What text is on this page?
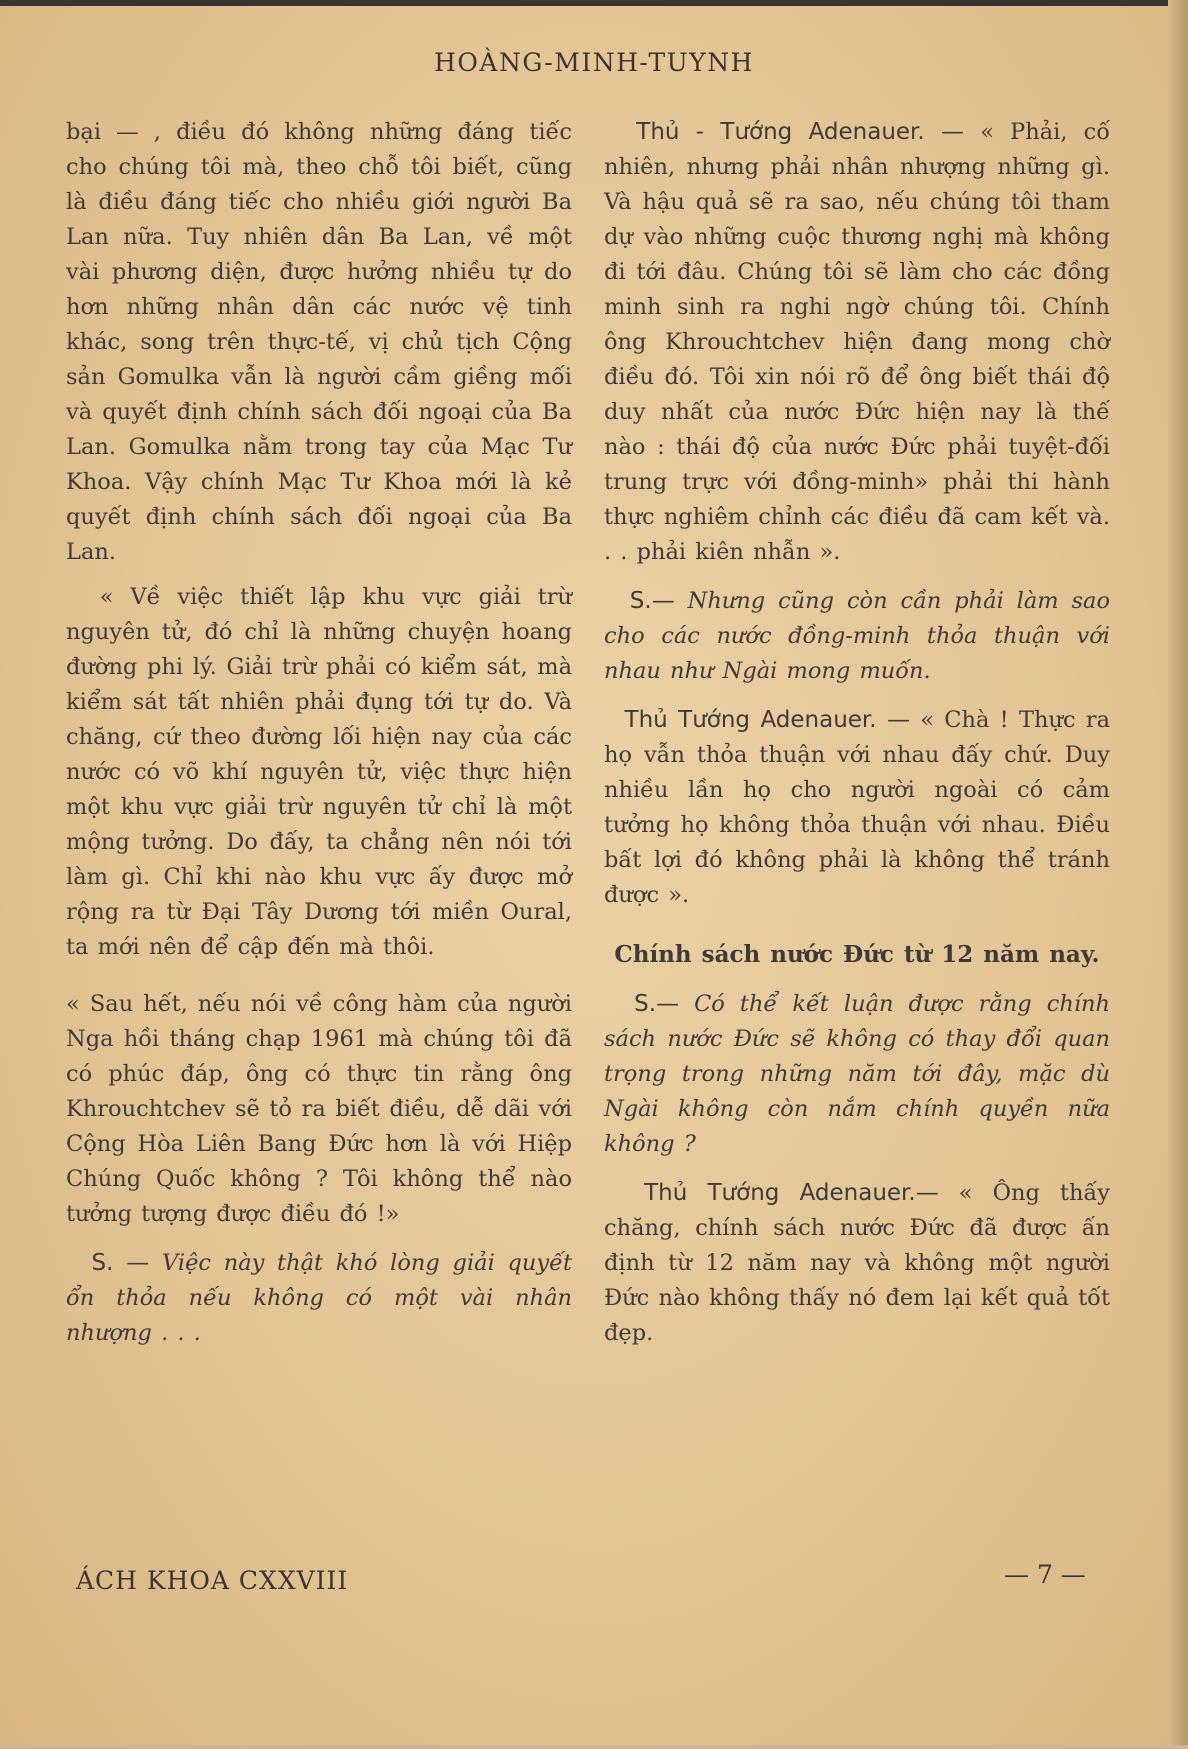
HOÀNG-MINH-TUYNH

bại — , điều đó không những đáng tiếc cho chúng tôi mà, theo chỗ tôi biết, cũng là điều đáng tiếc cho nhiều giới người Ba Lan nữa. Tuy nhiên dân Ba Lan, về một vài phương diện, được hưởng nhiều tự do hơn những nhân dân các nước vệ tinh khác, song trên thực-tế, vị chủ tịch Cộng sản Gomulka vẫn là người cầm giềng mối và quyết định chính sách đối ngoại của Ba Lan. Gomulka nằm trong tay của Mạc Tư Khoa. Vậy chính Mạc Tư Khoa mới là kẻ quyết định chính sách đối ngoại của Ba Lan.

« Về việc thiết lập khu vực giải trừ nguyên tử, đó chỉ là những chuyện hoang đường phi lý. Giải trừ phải có kiểm sát, mà kiểm sát tất nhiên phải đụng tới tự do. Và chăng, cứ theo đường lối hiện nay của các nước có võ khí nguyên tử, việc thực hiện một khu vực giải trừ nguyên tử chỉ là một mộng tưởng. Do đấy, ta chẳng nên nói tới làm gì. Chỉ khi nào khu vực ấy được mở rộng ra từ Đại Tây Dương tới miền Oural, ta mới nên để cập đến mà thôi.

« Sau hết, nếu nói về công hàm của người Nga hồi tháng chạp 1961 mà chúng tôi đã có phúc đáp, ông có thực tin rằng ông Khrouchtchev sẽ tỏ ra biết điều, dễ dãi với Cộng Hòa Liên Bang Đức hơn là với Hiệp Chúng Quốc không ? Tôi không thể nào tưởng tượng được điều đó !»

S. — Việc này thật khó lòng giải quyết ổn thỏa nếu không có một vài nhân nhượng . . .

Thủ - Tướng Adenauer. — « Phải, cố nhiên, nhưng phải nhân nhượng những gì. Và hậu quả sẽ ra sao, nếu chúng tôi tham dự vào những cuộc thương nghị mà không đi tới đâu. Chúng tôi sẽ làm cho các đồng minh sinh ra nghi ngờ chúng tôi. Chính ông Khrouchtchev hiện đang mong chờ điều đó. Tôi xin nói rõ để ông biết thái độ duy nhất của nước Đức hiện nay là thế nào : thái độ của nước Đức phải tuyệt-đối trung trực với đồng-minh» phải thi hành thực nghiêm chỉnh các điều đã cam kết và. . . phải kiên nhẫn ».

S.— Nhưng cũng còn cần phải làm sao cho các nước đồng-minh thỏa thuận với nhau như Ngài mong muốn.

Thủ Tướng Adenauer. — « Chà ! Thực ra họ vẫn thỏa thuận với nhau đấy chứ. Duy nhiều lần họ cho người ngoài có cảm tưởng họ không thỏa thuận với nhau. Điều bất lợi đó không phải là không thể tránh được ».

Chính sách nước Đức từ 12 năm nay.

S.— Có thể kết luận được rằng chính sách nước Đức sẽ không có thay đổi quan trọng trong những năm tới đây, mặc dù Ngài không còn nắm chính quyền nữa không ?

Thủ Tướng Adenauer.— « Ông thấy chăng, chính sách nước Đức đã được ấn định từ 12 năm nay và không một người Đức nào không thấy nó đem lại kết quả tốt đẹp.

ÁCH KHOA CXXVIII	— 7 —
